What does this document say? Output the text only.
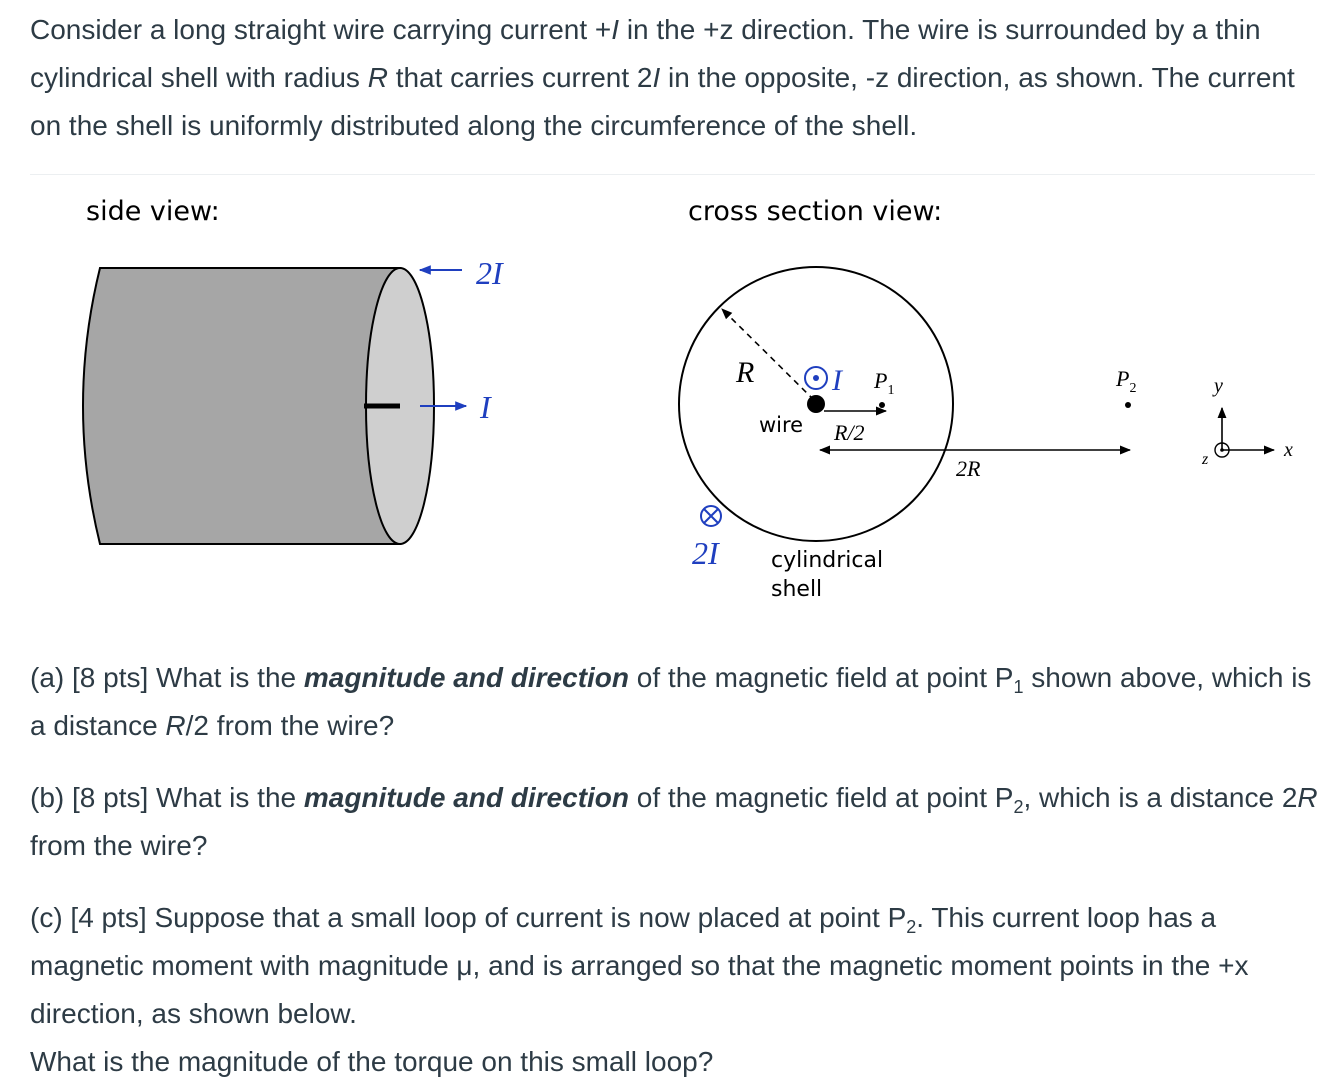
Consider a long straight wire carrying current +I in the +z direction. The wire is surrounded by a thin cylindrical shell with radius R that carries current 2I in the opposite, -z direction, as shown. The current on the shell is uniformly distributed along the circumference of the shell.

side view:	cross section view:
2I
I
R	I
wire
$P_1$
R/2
2R
$P_2$
2I cylindrical
shell
y
x
z

(a) [8 pts] What is the magnitude and direction of the magnetic field at point $P_1$ shown above, which is a distance R/2 from the wire?

(b) [8 pts] What is the magnitude and direction of the magnetic field at point $P_2$, which is a distance 2R from the wire?

(c) [4 pts] Suppose that a small loop of current is now placed at point $P_2$. This current loop has a magnetic moment with magnitude μ, and is arranged so that the magnetic moment points in the +x direction, as shown below.
What is the magnitude of the torque on this small loop?
